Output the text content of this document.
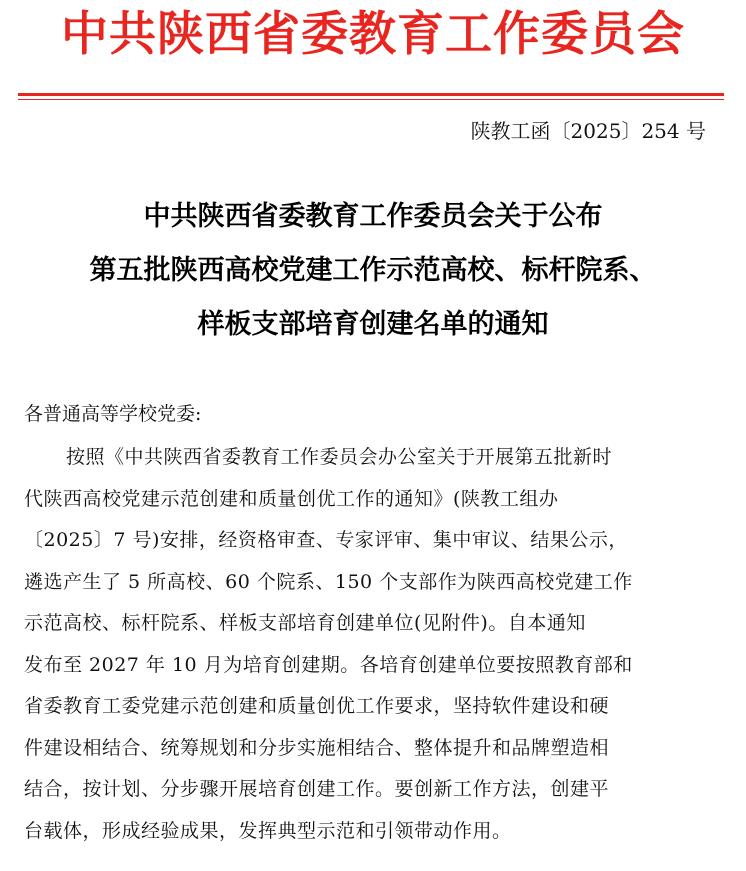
中共陕西省委教育工作委员会
陕教工函〔2025〕254 号
中共陕西省委教育工作委员会关于公布
第五批陕西高校党建工作示范高校、标杆院系、
样板支部培育创建名单的通知
各普通高等学校党委:
按照《中共陕西省委教育工作委员会办公室关于开展第五批新时
代陕西高校党建示范创建和质量创优工作的通知》(陕教工组办
〔2025〕7 号)安排，经资格审查、专家评审、集中审议、结果公示，
遴选产生了 5 所高校、60 个院系、150 个支部作为陕西高校党建工作
示范高校、标杆院系、样板支部培育创建单位(见附件)。自本通知
发布至 2027 年 10 月为培育创建期。各培育创建单位要按照教育部和
省委教育工委党建示范创建和质量创优工作要求，坚持软件建设和硬
件建设相结合、统筹规划和分步实施相结合、整体提升和品牌塑造相
结合，按计划、分步骤开展培育创建工作。要创新工作方法，创建平
台载体，形成经验成果，发挥典型示范和引领带动作用。
